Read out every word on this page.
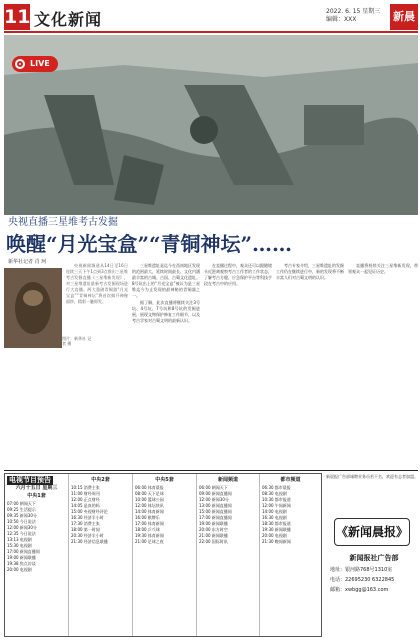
11 文化新闻	2022. 6. 15 星期三
编辑：XXX	新晨
LIVE
央视直播三星堆考古发掘
唤醒“月光宝盒”“青铜神坛”……
新华社记者 肖 珂

央视新闻频道从14日至16日连续三天下午1点到3点推出三星堆考古发掘直播《三星堆新发现》，对三星堆遗址最新考古发掘现场进行大直播。两大重磅青铜器“月光宝盒”“青铜神坛”将首次揭开神秘面纱，精彩一触即发。

三星堆遗址是迄今在西南地区发现的范围最大、延续时间最长、文化内涵最丰富的古城、古国、古蜀文化遗址。8号坑出土的“月光宝盒”被认为是三星堆迄今为止发现的最神秘的青铜器之一。

据了解，此次直播将继续关注3号坑、4号坑、7号坑和8号坑的发掘进展，展现文物保护修复工作细节，以及考古学家对古蜀文明的最新认识。

在直播过程中，观众还可以跟随镜头近距离观察考古工作者的工作状态，了解考古方舱、应急保护平台等科技手段在考古中的应用。

考古专家介绍，三星堆遗址的发掘工作仍在继续进行中，新的发现将不断丰富人们对古蜀文明的认识。

直播将持续关注三星堆新发现，带领观众一起见证历史。

图片：新华社 记者 摄
电视节目预告
六月十五日 星期三
中央1套
07:00 朝闻天下
09:25 生活提示
09:35 新闻30分
10:50 今日说法
12:00 新闻30分
12:35 今日说法
13:13 电视剧
15:30 电视剧
17:00 新闻直播间
19:00 新闻联播
19:38 焦点访谈
20:00 电视剧
中央2套
10:15 消费主张
11:00 财经周刊
12:00 正点财经
14:05 是真的吗
15:00 央视财经评论
16:30 经济半小时
17:30 消费主张
18:00 第一时间
20:30 经济半小时
21:30 经济信息联播
中央5套
06:00 体育晨报
08:00 天下足球
10:00 篮球公园
12:00 体坛快讯
14:00 体育新闻
16:00 棋牌乐
17:00 体育新闻
18:00 乒乓球
19:30 体育新闻
21:00 足球之夜
新闻频道
06:00 朝闻天下
09:00 新闻直播间
12:00 新闻30分
13:00 新闻直播间
15:00 新闻直播间
17:00 新闻直播间
19:00 新闻联播
20:00 东方时空
21:00 新闻联播
22:00 国际时讯
都市频道
06:30 都市晨报
08:30 电视剧
10:30 都市报道
12:00 午间新闻
14:00 电视剧
16:30 电视剧
18:30 都市报道
19:30 新闻联播
20:00 电视剧
21:30 晚间新闻
新晨报广告部诚聘业务员若干名，欢迎有志者加盟。
《新闻晨报》
新闻报社广告部
地址：银河路768号1310室
电话：22695230 6322845
邮箱：xwbgg@163.com
